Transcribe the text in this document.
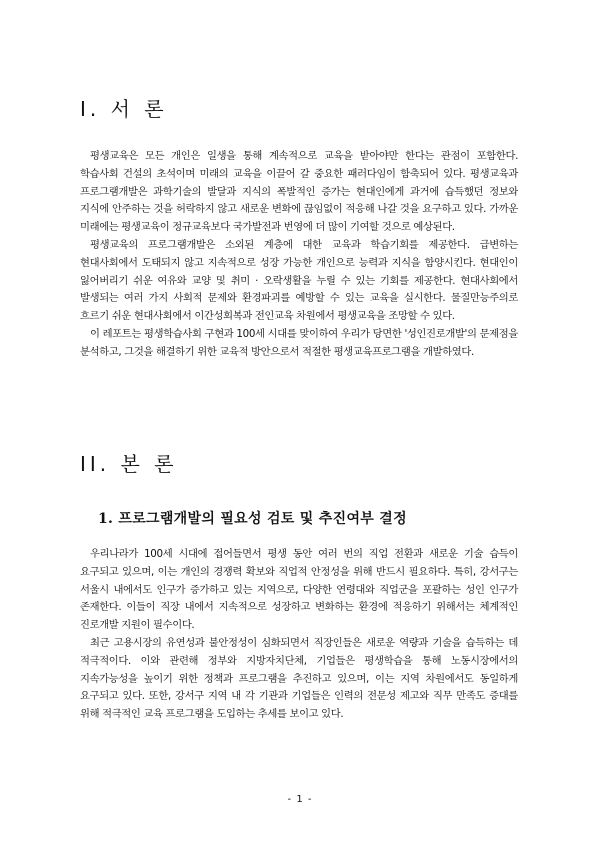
I. 서 론

평생교육은 모든 개인은 일생을 통해 계속적으로 교육을 받아야만 한다는 관점이 포함한다. 학습사회 건설의 초석이며 미래의 교육을 이끌어 갈 중요한 패러다임이 함축되어 있다. 평생교육과 프로그램개발은 과학기술의 발달과 지식의 폭발적인 증가는 현대인에게 과거에 습득했던 정보와 지식에 안주하는 것을 허락하지 않고 새로운 변화에 끊임없이 적응해 나갈 것을 요구하고 있다. 가까운 미래에는 평생교육이 정규교육보다 국가발전과 번영에 더 많이 기여할 것으로 예상된다.

평생교육의 프로그램개발은 소외된 계층에 대한 교육과 학습기회를 제공한다. 급변하는 현대사회에서 도태되지 않고 지속적으로 성장 가능한 개인으로 능력과 지식을 함양시킨다. 현대인이 잃어버리기 쉬운 여유와 교양 및 취미 · 오락생활을 누릴 수 있는 기회를 제공한다. 현대사회에서 발생되는 여러 가지 사회적 문제와 환경파괴를 예방할 수 있는 교육을 실시한다. 물질만능주의로 흐르기 쉬운 현대사회에서 이간성회복과 전인교육 차원에서 평생교육을 조망할 수 있다.

이 레포트는 평생학습사회 구현과 100세 시대를 맞이하여 우리가 당면한 '성인진로개발'의 문제점을 분석하고, 그것을 해결하기 위한 교육적 방안으로서 적절한 평생교육프로그램을 개발하였다.

II. 본 론
1. 프로그램개발의 필요성 검토 및 추진여부 결정

우리나라가 100세 시대에 접어들면서 평생 동안 여러 번의 직업 전환과 새로운 기술 습득이 요구되고 있으며, 이는 개인의 경쟁력 확보와 직업적 안정성을 위해 반드시 필요하다. 특히, 강서구는 서울시 내에서도 인구가 증가하고 있는 지역으로, 다양한 연령대와 직업군을 포괄하는 성인 인구가 존재한다. 이들이 직장 내에서 지속적으로 성장하고 변화하는 환경에 적응하기 위해서는 체계적인 진로개발 지원이 필수이다.

최근 고용시장의 유연성과 불안정성이 심화되면서 직장인들은 새로운 역량과 기술을 습득하는 데 적극적이다. 이와 관련해 정부와 지방자치단체, 기업들은 평생학습을 통해 노동시장에서의 지속가능성을 높이기 위한 정책과 프로그램을 추진하고 있으며, 이는 지역 차원에서도 동일하게 요구되고 있다. 또한, 강서구 지역 내 각 기관과 기업들은 인력의 전문성 제고와 직무 만족도 증대를 위해 적극적인 교육 프로그램을 도입하는 추세를 보이고 있다.

- 1 -
